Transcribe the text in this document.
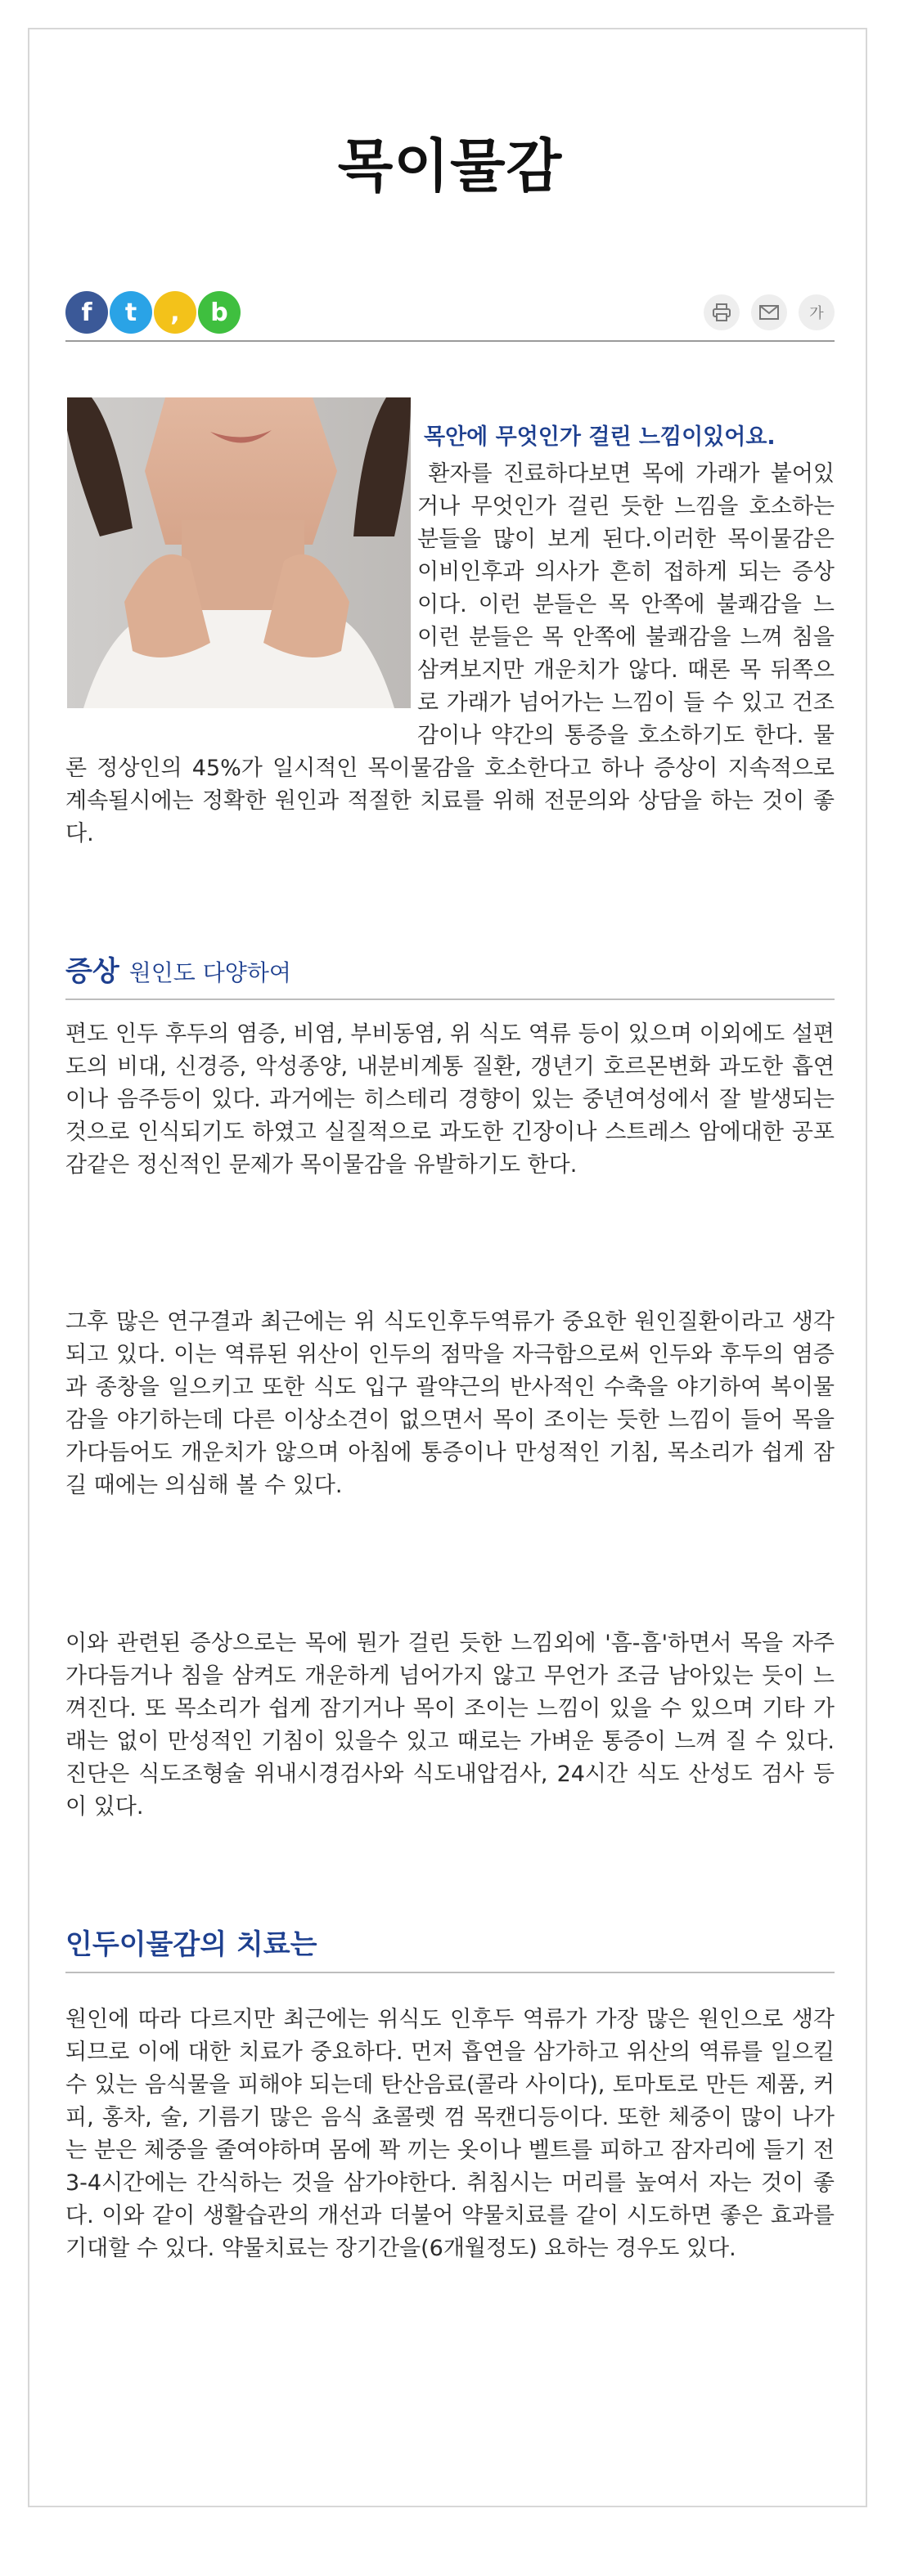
목이물감
f t , b	가
목안에 무엇인가 걸린 느낌이있어요.

환자를 진료하다보면 목에 가래가 붙어있거나 무엇인가 걸린 듯한 느낌을 호소하는 분들을 많이 보게 된다.이러한 목이물감은 이비인후과 의사가 흔히 접하게 되는 증상이다. 이런 분들은 목 안쪽에 불쾌감을 느 이런 분들은 목 안쪽에 불쾌감을 느껴 침을 삼켜보지만 개운치가 않다. 때론 목 뒤쪽으로 가래가 넘어가는 느낌이 들 수 있고 건조감이나 약간의 통증을 호소하기도 한다. 물론 정상인의 45%가 일시적인 목이물감을 호소한다고 하나 증상이 지속적으로 계속될시에는 정확한 원인과 적절한 치료를 위해 전문의와 상담을 하는 것이 좋다.

증상 원인도 다양하여

편도 인두 후두의 염증, 비염, 부비동염, 위 식도 역류 등이 있으며 이외에도 설편도의 비대, 신경증, 악성종양, 내분비계통 질환, 갱년기 호르몬변화 과도한 흡연이나 음주등이 있다. 과거에는 히스테리 경향이 있는 중년여성에서 잘 발생되는 것으로 인식되기도 하였고 실질적으로 과도한 긴장이나 스트레스 암에대한 공포감같은 정신적인 문제가 목이물감을 유발하기도 한다.

그후 많은 연구결과 최근에는 위 식도인후두역류가 중요한 원인질환이라고 생각되고 있다. 이는 역류된 위산이 인두의 점막을 자극함으로써 인두와 후두의 염증과 종창을 일으키고 또한 식도 입구 괄약근의 반사적인 수축을 야기하여 복이물감을 야기하는데 다른 이상소견이 없으면서 목이 조이는 듯한 느낌이 들어 목을 가다듬어도 개운치가 않으며 아침에 통증이나 만성적인 기침, 목소리가 쉽게 잠길 때에는 의심해 볼 수 있다.

이와 관련된 증상으로는 목에 뭔가 걸린 듯한 느낌외에 '흠-흠'하면서 목을 자주 가다듬거나 침을 삼켜도 개운하게 넘어가지 않고 무언가 조금 남아있는 듯이 느껴진다. 또 목소리가 쉽게 잠기거나 목이 조이는 느낌이 있을 수 있으며 기타 가래는 없이 만성적인 기침이 있을수 있고 때로는 가벼운 통증이 느껴 질 수 있다. 진단은 식도조형술 위내시경검사와 식도내압검사, 24시간 식도 산성도 검사 등이 있다.

인두이물감의 치료는

원인에 따라 다르지만 최근에는 위식도 인후두 역류가 가장 많은 원인으로 생각되므로 이에 대한 치료가 중요하다. 먼저 흡연을 삼가하고 위산의 역류를 일으킬 수 있는 음식물을 피해야 되는데 탄산음료(콜라 사이다), 토마토로 만든 제품, 커피, 홍차, 술, 기름기 많은 음식 쵸콜렛 껌 목캔디등이다. 또한 체중이 많이 나가는 분은 체중을 줄여야하며 몸에 꽉 끼는 옷이나 벨트를 피하고 잠자리에 들기 전 3-4시간에는 간식하는 것을 삼가야한다. 취침시는 머리를 높여서 자는 것이 좋다. 이와 같이 생활습관의 개선과 더불어 약물치료를 같이 시도하면 좋은 효과를 기대할 수 있다. 약물치료는 장기간을(6개월정도) 요하는 경우도 있다.
